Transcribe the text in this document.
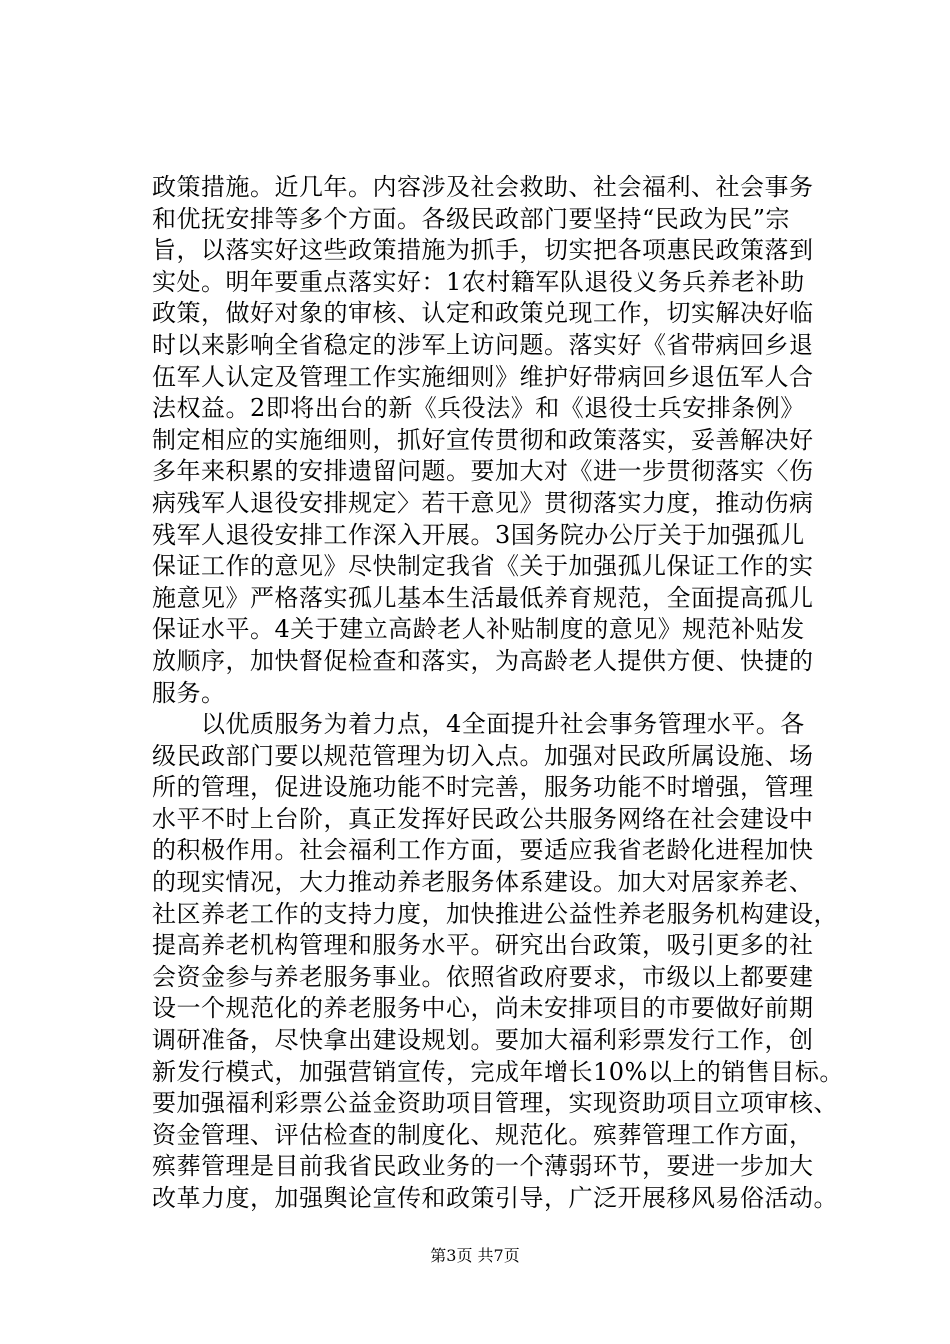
政策措施。近几年。内容涉及社会救助、社会福利、社会事务
和优抚安排等多个方面。各级民政部门要坚持“民政为民”宗
旨，以落实好这些政策措施为抓手，切实把各项惠民政策落到
实处。明年要重点落实好：1农村籍军队退役义务兵养老补助
政策，做好对象的审核、认定和政策兑现工作，切实解决好临
时以来影响全省稳定的涉军上访问题。落实好《省带病回乡退
伍军人认定及管理工作实施细则》维护好带病回乡退伍军人合
法权益。2即将出台的新《兵役法》和《退役士兵安排条例》
制定相应的实施细则，抓好宣传贯彻和政策落实，妥善解决好
多年来积累的安排遗留问题。要加大对《进一步贯彻落实〈伤
病残军人退役安排规定〉若干意见》贯彻落实力度，推动伤病
残军人退役安排工作深入开展。3国务院办公厅关于加强孤儿
保证工作的意见》尽快制定我省《关于加强孤儿保证工作的实
施意见》严格落实孤儿基本生活最低养育规范，全面提高孤儿
保证水平。4关于建立高龄老人补贴制度的意见》规范补贴发
放顺序，加快督促检查和落实，为高龄老人提供方便、快捷的
服务。
　　以优质服务为着力点，4全面提升社会事务管理水平。各
级民政部门要以规范管理为切入点。加强对民政所属设施、场
所的管理，促进设施功能不时完善，服务功能不时增强，管理
水平不时上台阶，真正发挥好民政公共服务网络在社会建设中
的积极作用。社会福利工作方面，要适应我省老龄化进程加快
的现实情况，大力推动养老服务体系建设。加大对居家养老、
社区养老工作的支持力度，加快推进公益性养老服务机构建设，
提高养老机构管理和服务水平。研究出台政策，吸引更多的社
会资金参与养老服务事业。依照省政府要求，市级以上都要建
设一个规范化的养老服务中心，尚未安排项目的市要做好前期
调研准备，尽快拿出建设规划。要加大福利彩票发行工作，创
新发行模式，加强营销宣传，完成年增长10%以上的销售目标。
要加强福利彩票公益金资助项目管理，实现资助项目立项审核、
资金管理、评估检查的制度化、规范化。殡葬管理工作方面，
殡葬管理是目前我省民政业务的一个薄弱环节，要进一步加大
改革力度，加强舆论宣传和政策引导，广泛开展移风易俗活动。
第3页 共7页
